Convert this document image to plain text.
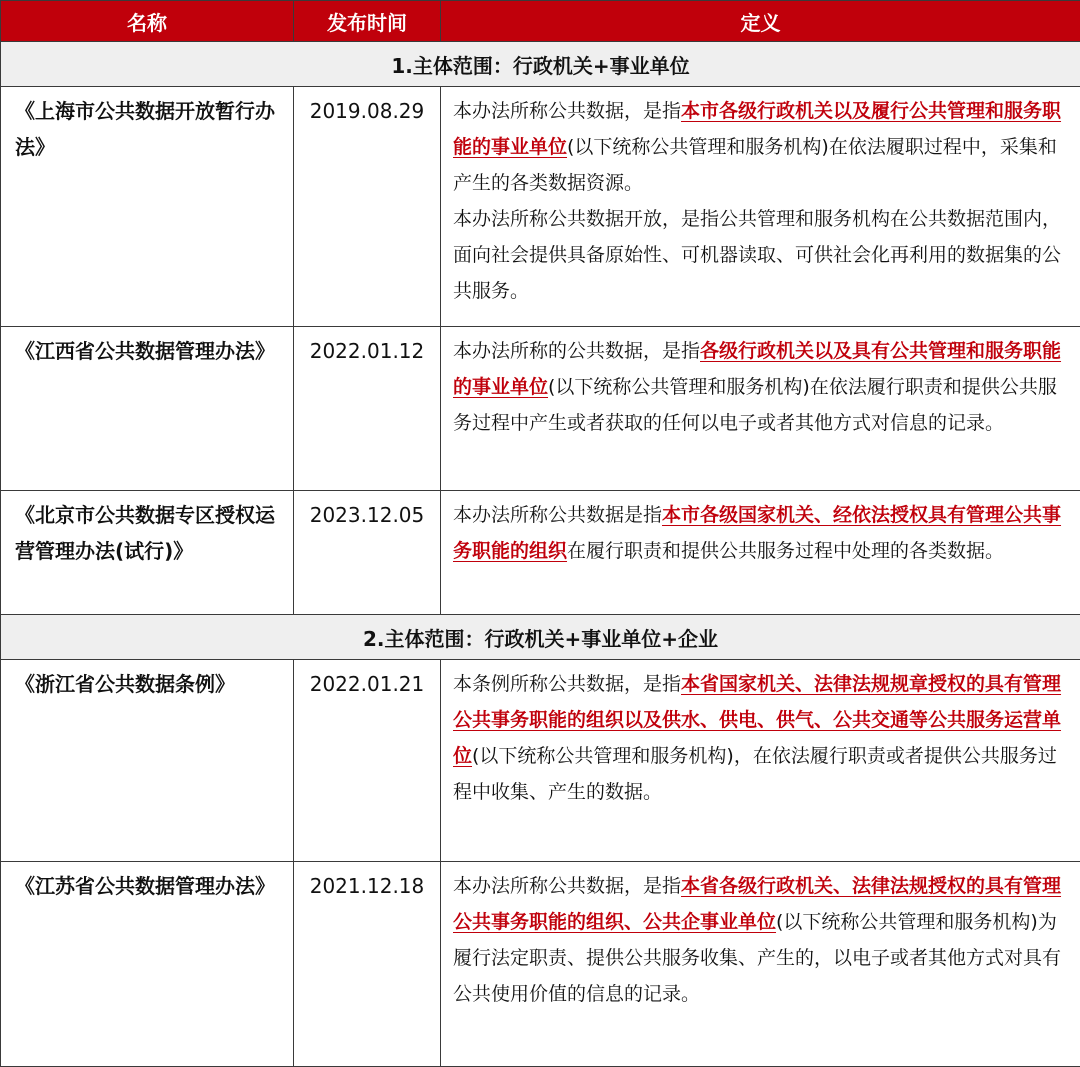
名称	发布时间	定义
1.主体范围：行政机关+事业单位		
《上海市公共数据开放暂行办法》	2019.08.29	本办法所称公共数据，是指本市各级行政机关以及履行公共管理和服务职能的事业单位(以下统称公共管理和服务机构)在依法履职过程中，采集和产生的各类数据资源。
本办法所称公共数据开放，是指公共管理和服务机构在公共数据范围内，面向社会提供具备原始性、可机器读取、可供社会化再利用的数据集的公共服务。

《江西省公共数据管理办法》	2022.01.12	本办法所称的公共数据，是指各级行政机关以及具有公共管理和服务职能的事业单位(以下统称公共管理和服务机构)在依法履行职责和提供公共服务过程中产生或者获取的任何以电子或者其他方式对信息的记录。
《北京市公共数据专区授权运营管理办法(试行)》	2023.12.05	本办法所称公共数据是指本市各级国家机关、经依法授权具有管理公共事务职能的组织在履行职责和提供公共服务过程中处理的各类数据。
2.主体范围：行政机关+事业单位+企业		
《浙江省公共数据条例》	2022.01.21	本条例所称公共数据，是指本省国家机关、法律法规规章授权的具有管理公共事务职能的组织以及供水、供电、供气、公共交通等公共服务运营单位(以下统称公共管理和服务机构)，在依法履行职责或者提供公共服务过程中收集、产生的数据。
《江苏省公共数据管理办法》	2021.12.18	本办法所称公共数据，是指本省各级行政机关、法律法规授权的具有管理公共事务职能的组织、公共企事业单位(以下统称公共管理和服务机构)为履行法定职责、提供公共服务收集、产生的，以电子或者其他方式对具有公共使用价值的信息的记录。
